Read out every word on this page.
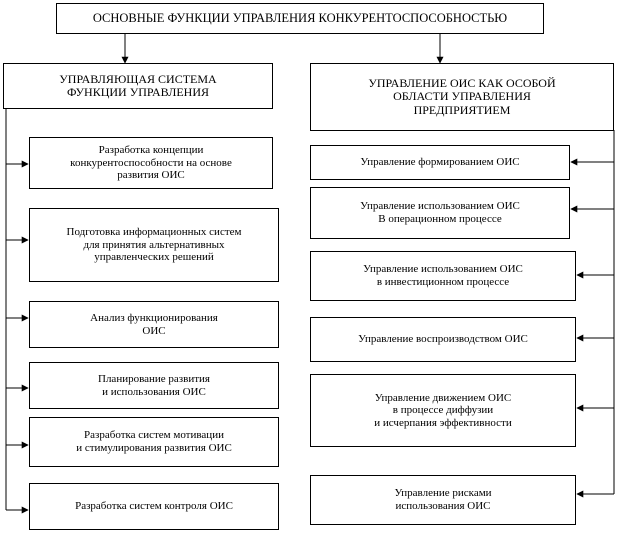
ОСНОВНЫЕ ФУНКЦИИ УПРАВЛЕНИЯ КОНКУРЕНТОСПОСОБНОСТЬЮ
УПРАВЛЯЮЩАЯ СИСТЕМА
ФУНКЦИИ УПРАВЛЕНИЯ
УПРАВЛЕНИЕ ОИС КАК ОСОБОЙ
ОБЛАСТИ УПРАВЛЕНИЯ
ПРЕДПРИЯТИЕМ
Разработка концепции
конкурентоспособности на основе
развития ОИС
Подготовка информационных систем
для принятия альтернативных
управленческих решений
Анализ функционирования
ОИС
Планирование развития
и использования ОИС
Разработка систем мотивации
и стимулирования развития ОИС
Разработка систем контроля ОИС
Управление формированием ОИС
Управление использованием ОИС
В операционном процессе
Управление использованием ОИС
в инвестиционном процессе
Управление воспроизводством ОИС
Управление движением ОИС
в процессе диффузии
и исчерпания эффективности
Управление рисками
использования ОИС
